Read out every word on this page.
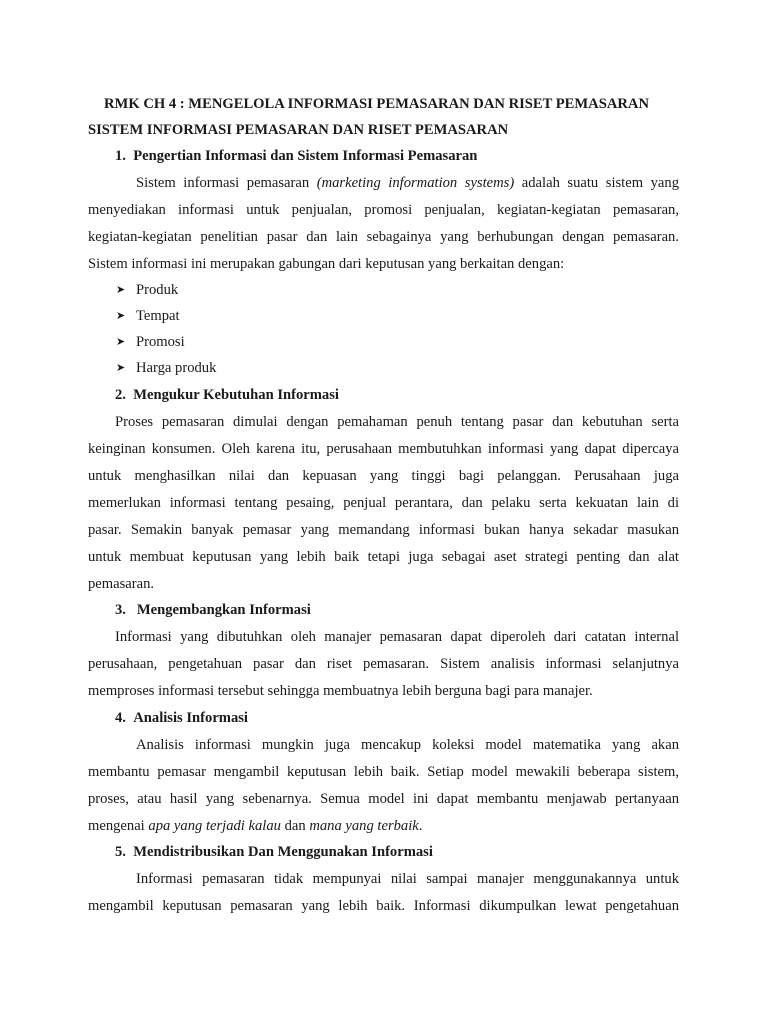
RMK CH 4 : MENGELOLA INFORMASI PEMASARAN DAN RISET PEMASARAN
SISTEM INFORMASI PEMASARAN DAN RISET PEMASARAN
1.  Pengertian Informasi dan Sistem Informasi Pemasaran
Sistem informasi pemasaran (marketing information systems) adalah suatu sistem yang
menyediakan informasi untuk penjualan, promosi penjualan, kegiatan-kegiatan pemasaran,
kegiatan-kegiatan penelitian pasar dan lain sebagainya yang berhubungan dengan pemasaran.
Sistem informasi ini merupakan gabungan dari keputusan yang berkaitan dengan:
➤ Produk
➤ Tempat
➤ Promosi
➤ Harga produk
2.  Mengukur Kebutuhan Informasi
Proses pemasaran dimulai dengan pemahaman penuh tentang pasar dan kebutuhan serta
keinginan konsumen. Oleh karena itu, perusahaan membutuhkan informasi yang dapat dipercaya
untuk menghasilkan nilai dan kepuasan yang tinggi bagi pelanggan. Perusahaan juga
memerlukan informasi tentang pesaing, penjual perantara, dan pelaku serta kekuatan lain di
pasar. Semakin banyak pemasar yang memandang informasi bukan hanya sekadar masukan
untuk membuat keputusan yang lebih baik tetapi juga sebagai aset strategi penting dan alat
pemasaran.
3.   Mengembangkan Informasi
Informasi yang dibutuhkan oleh manajer pemasaran dapat diperoleh dari catatan internal
perusahaan, pengetahuan pasar dan riset pemasaran. Sistem analisis informasi selanjutnya
memproses informasi tersebut sehingga membuatnya lebih berguna bagi para manajer.
4.  Analisis Informasi
Analisis informasi mungkin juga mencakup koleksi model matematika yang akan
membantu pemasar mengambil keputusan lebih baik. Setiap model mewakili beberapa sistem,
proses, atau hasil yang sebenarnya. Semua model ini dapat membantu menjawab pertanyaan
mengenai apa yang terjadi kalau dan mana yang terbaik.
5.  Mendistribusikan Dan Menggunakan Informasi
Informasi pemasaran tidak mempunyai nilai sampai manajer menggunakannya untuk
mengambil keputusan pemasaran yang lebih baik. Informasi dikumpulkan lewat pengetahuan
